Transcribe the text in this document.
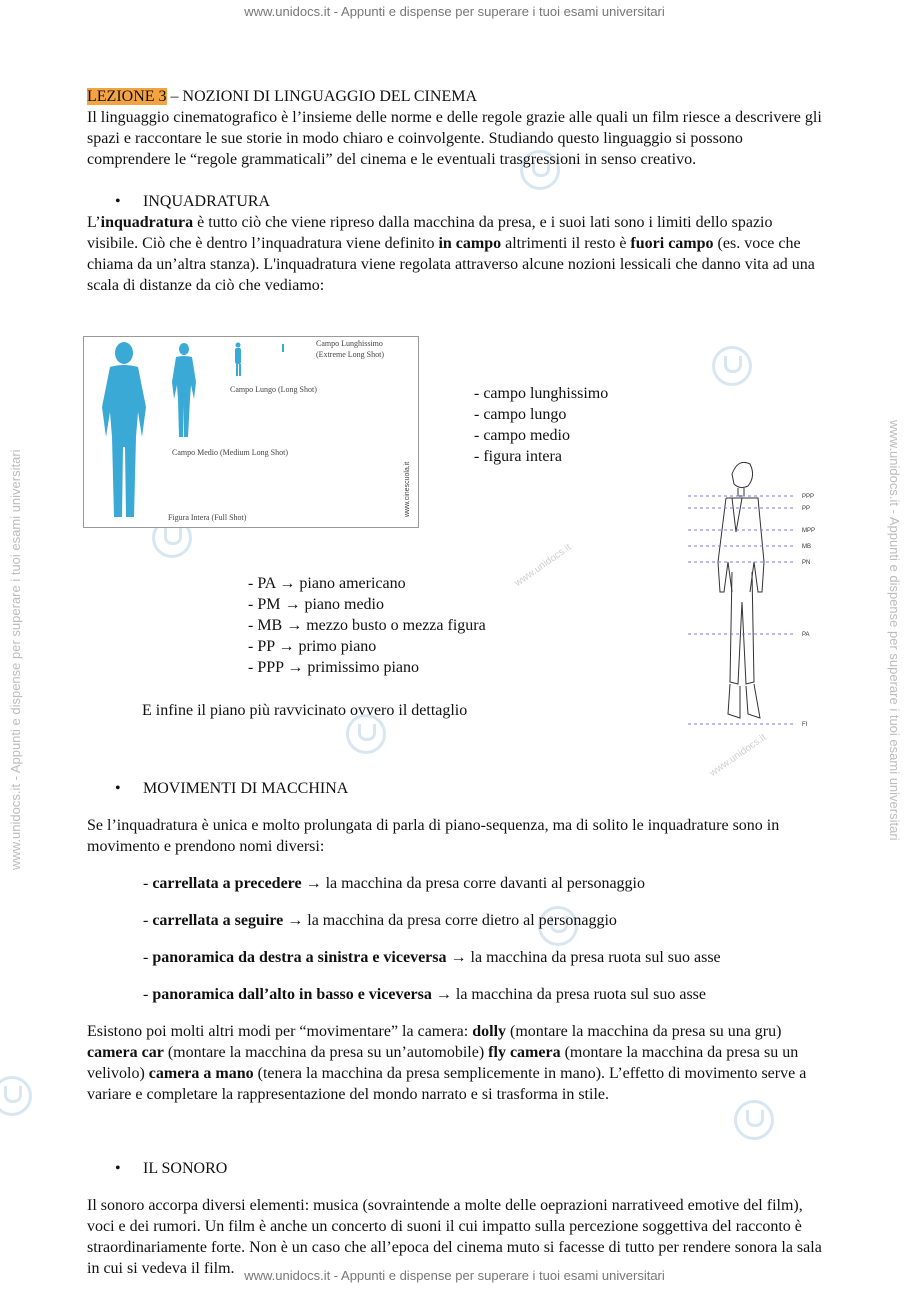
www.unidocs.it - Appunti e dispense per superare i tuoi esami universitari
www.unidocs.it - Appunti e dispense per superare i tuoi esami universitari
www.unidocs.it - Appunti e dispense per superare i tuoi esami universitari	www.unidocs.it - Appunti e dispense per superare i tuoi esami universitari
www.unidocs.it
www.unidocs.it

LEZIONE 3 – NOZIONI DI LINGUAGGIO DEL CINEMA

Il linguaggio cinematografico è l’insieme delle norme e delle regole grazie alle quali un film riesce a descrivere gli spazi e raccontare le sue storie in modo chiaro e coinvolgente. Studiando questo linguaggio si possono comprendere le “regole grammaticali” del cinema e le eventuali trasgressioni in senso creativo.

• INQUADRATURA

L’inquadratura è tutto ciò che viene ripreso dalla macchina da presa, e i suoi lati sono i limiti dello spazio visibile. Ciò che è dentro l’inquadratura viene definito in campo altrimenti il resto è fuori campo (es. voce che chiama da un’altra stanza). L'inquadratura viene regolata attraverso alcune nozioni lessicali che danno vita ad una scala di distanze da ciò che vediamo:

Campo Lunghissimo
(Extreme Long Shot)
Campo Lungo (Long Shot)
Campo Medio (Medium Long Shot)
Figura Intera (Full Shot)
www.cinescuola.it
- campo lunghissimo
- campo lungo
- campo medio
- figura intera
PPP
PP
MPP
MB
PN
PA
FI
- PA → piano americano
- PM → piano medio
- MB → mezzo busto o mezza figura
- PP → primo piano
- PPP → primissimo piano
E infine il piano più ravvicinato ovvero il dettaglio

• MOVIMENTI DI MACCHINA

Se l’inquadratura è unica e molto prolungata di parla di piano-sequenza, ma di solito le inquadrature sono in movimento e prendono nomi diversi:

- carrellata a precedere → la macchina da presa corre davanti al personaggio

- carrellata a seguire → la macchina da presa corre dietro al personaggio

- panoramica da destra a sinistra e viceversa → la macchina da presa ruota sul suo asse

- panoramica dall’alto in basso e viceversa → la macchina da presa ruota sul suo asse

Esistono poi molti altri modi per “movimentare” la camera: dolly (montare la macchina da presa su una gru) camera car (montare la macchina da presa su un’automobile) fly camera (montare la macchina da presa su un velivolo) camera a mano (tenera la macchina da presa semplicemente in mano). L’effetto di movimento serve a variare e completare la rappresentazione del mondo narrato e si trasforma in stile.

• IL SONORO

Il sonoro accorpa diversi elementi: musica (sovraintende a molte delle oeprazioni narrativeed emotive del film), voci e dei rumori. Un film è anche un concerto di suoni il cui impatto sulla percezione soggettiva del racconto è straordinariamente forte. Non è un caso che all’epoca del cinema muto si facesse di tutto per rendere sonora la sala in cui si vedeva il film.
